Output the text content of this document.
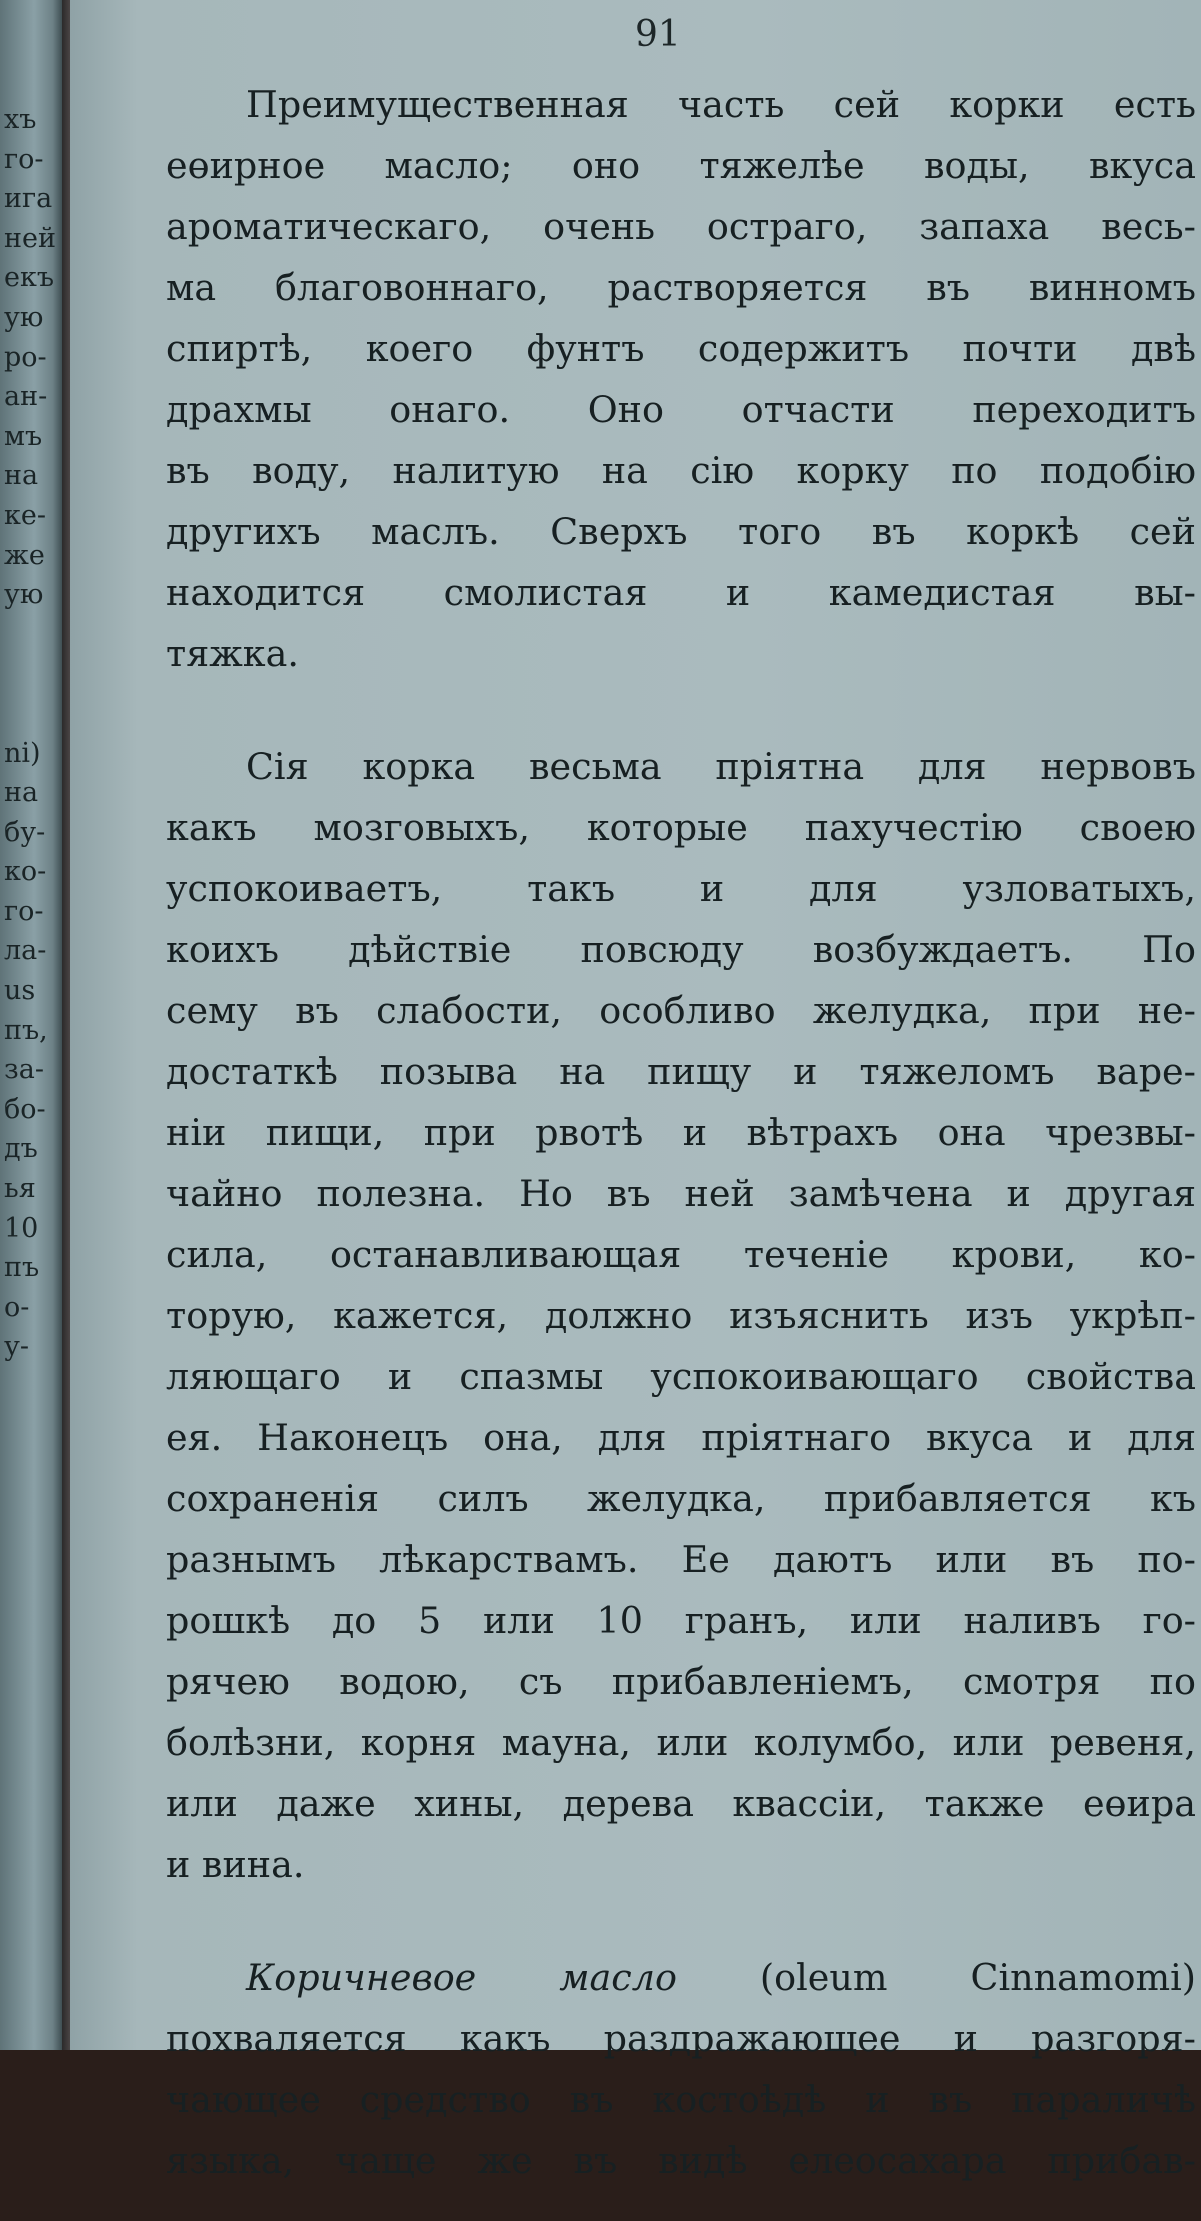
хъ
го-
ига
ней
екъ
ую
ро-
ан-
мъ
на
ке-
же
ую
ni)
на
бу-
ко-
го-
ла-
us
пъ,
за-
бо-
дъ
ья
10
пъ
о-
у-
91
Преимущественная часть сей корки есть
еөирное масло; оно тяжелѣе воды, вкуса
ароматическаго, очень остраго, запаха весь-
ма благовоннаго, растворяется въ винномъ
спиртѣ, коего фунтъ содержитъ почти двѣ
драхмы онаго. Оно отчасти переходитъ
въ воду, налитую на сію корку по подобію
другихъ маслъ. Сверхъ того въ коркѣ сей
находится смолистая и камедистая вы-
тяжка.
Сія корка весьма пріятна для нервовъ
какъ мозговыхъ, которые пахучестію своею
успокоиваетъ, такъ и для узловатыхъ,
коихъ дѣйствіе повсюду возбуждаетъ. По
сему въ слабости, особливо желудка, при не-
достаткѣ позыва на пищу и тяжеломъ варе-
ніи пищи, при рвотѣ и вѣтрахъ она чрезвы-
чайно полезна. Но въ ней замѣчена и другая
сила, останавливающая теченіе крови, ко-
торую, кажется, должно изъяснить изъ укрѣп-
ляющаго и спазмы успокоивающаго свойства
ея. Наконецъ она, для пріятнаго вкуса и для
сохраненія силъ желудка, прибавляется къ
разнымъ лѣкарствамъ. Ее даютъ или въ по-
рошкѣ до 5 или 10 гранъ, или наливъ го-
рячею водою, съ прибавленіемъ, смотря по
болѣзни, корня мауна, или колумбо, или ревеня,
или даже хины, дерева квассіи, также еөира
и вина.
Коричневое масло (oleum Cinnamomi)
похваляется какъ раздражающее и разгоря-
чающее средство въ костоѣдѣ и въ параличѣ
языка, чаще же въ видѣ елеосахара прибав-
